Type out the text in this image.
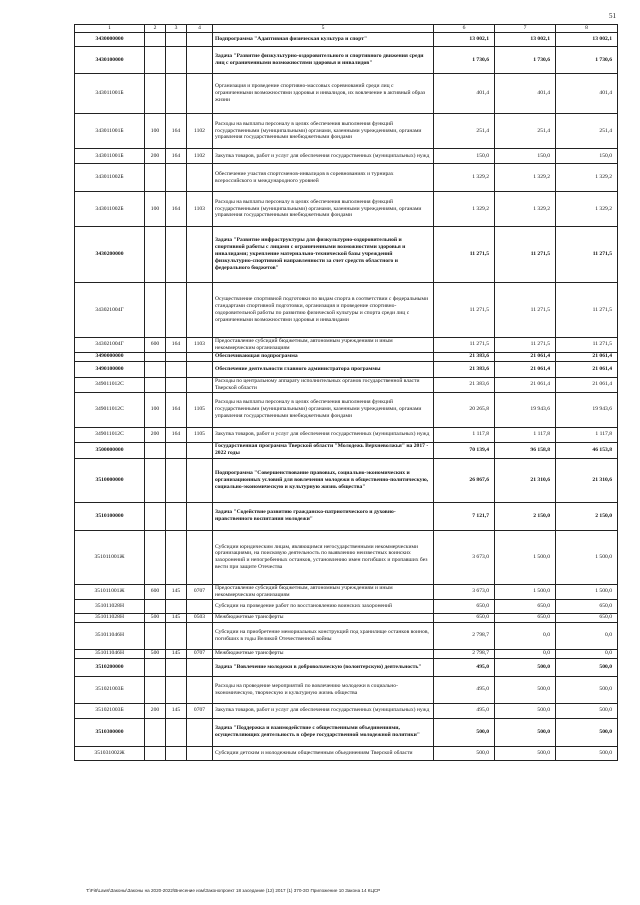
51
1	2	3	4	5	6	7	8
3430000000				Подпрограмма "Адаптивная физическая культура и спорт"	13 002,1	13 002,1	13 002,1
3430100000				Задача "Развитие физкультурно-оздоровительного и спортивного движения среди лиц с ограниченными возможностями здоровья и инвалидов"	1 730,6	1 730,6	1 730,6
343011001Б				Организация и проведение спортивно-массовых соревнований среди лиц с ограниченными возможностями здоровья и инвалидов, их вовлечение в активный образ жизни	401,4	401,4	401,4
343011001Б	100	164	1102	Расходы на выплаты персоналу в целях обеспечения выполнения функций государственными (муниципальными) органами, казенными учреждениями, органами управления государственными внебюджетными фондами	251,4	251,4	251,4
343011001Б	200	164	1102	Закупка товаров, работ и услуг для обеспечения государственных (муниципальных) нужд	150,0	150,0	150,0
343011002Б				Обеспечение участия спортсменов-инвалидов в соревнованиях и турнирах всероссийского и международного уровней	1 329,2	1 329,2	1 329,2
343011002Б	100	164	1103	Расходы на выплаты персоналу в целях обеспечения выполнения функций государственными (муниципальными) органами, казенными учреждениями, органами управления государственными внебюджетными фондами	1 329,2	1 329,2	1 329,2
3430200000				Задача "Развитие инфраструктуры для физкультурно-оздоровительной и спортивной работы с лицами с ограниченными возможностями здоровья и инвалидами; укрепление материально-технической базы учреждений физкультурно-спортивной направленности за счет средств областного и федерального бюджетов"	11 271,5	11 271,5	11 271,5
343021004Г				Осуществление спортивной подготовки по видам спорта в соответствии с федеральными стандартами спортивной подготовки, организация и проведение спортивно-оздоровительной работы по развитию физической культуры и спорта среди лиц с ограниченными возможностями здоровья и инвалидами	11 271,5	11 271,5	11 271,5
343021004Г	600	164	1103	Предоставление субсидий бюджетным, автономным учреждениям и иным некоммерческим организациям	11 271,5	11 271,5	11 271,5
3490000000				Обеспечивающая подпрограмма	21 383,6	21 061,4	21 061,4
3490100000				Обеспечение деятельности главного администратора программы	21 383,6	21 061,4	21 061,4
349011012С				Расходы по центральному аппарату исполнительных органов государственной власти Тверской области	21 383,6	21 061,4	21 061,4
349011012С	100	164	1105	Расходы на выплаты персоналу в целях обеспечения выполнения функций государственными (муниципальными) органами, казенными учреждениями, органами управления государственными внебюджетными фондами	20 265,8	19 943,6	19 943,6
349011012С	200	164	1105	Закупка товаров, работ и услуг для обеспечения государственных (муниципальных) нужд	1 117,8	1 117,8	1 117,8
3500000000				Государственная программа Тверской области "Молодежь Верхневолжья" на 2017 - 2022 годы	70 139,4	96 158,8	46 153,8
3510000000				Подпрограмма "Совершенствование правовых, социально-экономических и организационных условий для вовлечения молодежи в общественно-политическую, социально-экономическую и культурную жизнь общества"	26 867,6	21 310,6	21 310,6
3510100000				Задача "Содействие развитию гражданско-патриотического и духовно- нравственного воспитания молодежи"	7 121,7	2 150,0	2 150,0
351011001Ж				Субсидии юридическим лицам, являющимся негосударственными некоммерческими организациями, на поисковую деятельность по выявлению неизвестных воинских захоронений и непогребенных останков, установлению имен погибших и пропавших без вести при защите Отечества	3 673,0	1 500,0	1 500,0
351011001Ж	600	145	0707	Предоставление субсидий бюджетным, автономным учреждениям и иным некоммерческим организациям	3 673,0	1 500,0	1 500,0
351011028Н				Субсидии на проведение работ по восстановлению воинских захоронений	650,0	650,0	650,0
351011028Н	500	145	0503	Межбюджетные трансферты	650,0	650,0	650,0
351011046Н				Субсидии на приобретение мемориальных конструкций под хранилище останков воинов, погибших в годы Великой Отечественной войны	2 798,7	0,0	0,0
351011046Н	500	145	0707	Межбюджетные трансферты	2 798,7	0,0	0,0
3510200000				Задача "Вовлечение молодежи в добровольческую (волонтерскую) деятельность"	495,0	500,0	500,0
351021003Б				Расходы на проведение мероприятий по вовлечению молодежи в социально-экономическую, творческую и культурную жизнь общества	495,0	500,0	500,0
351021003Б	200	145	0707	Закупка товаров, работ и услуг для обеспечения государственных (муниципальных) нужд	495,0	500,0	500,0
3510300000				Задача "Поддержка и взаимодействие с общественными объединениями, осуществляющих деятельность в сфере государственной молодежной политики"	500,0	500,0	500,0
351031002Ж				Субсидии детским и молодежным общественным объединениям Тверской области	500,0	500,0	500,0
T:\Fi6\Laws\Законы\Законы на 2020-2022\Внесение изм\Законопроект 18 заседание (12) 2017 (1) 370-ЗО Приложение 10 Закона 14 КЦСР
